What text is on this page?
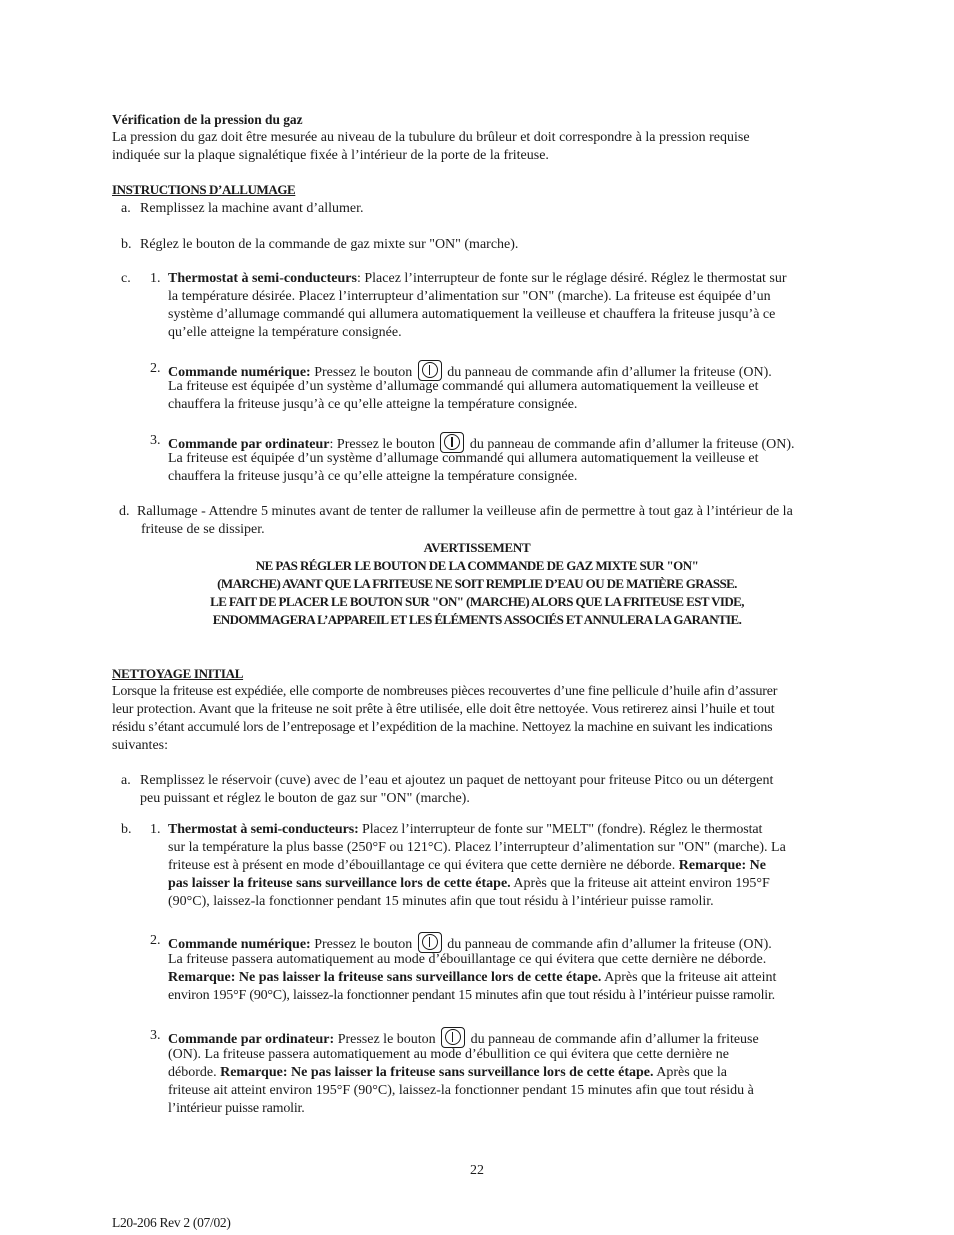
Vérification de la pression du gaz
La pression du gaz doit être mesurée au niveau de la tubulure du brûleur et doit correspondre à la pression requise
indiquée sur la plaque signalétique fixée à l’intérieur de la porte de la friteuse.
INSTRUCTIONS D’ALLUMAGE
a. Remplissez la machine avant d’allumer.
b. Réglez le bouton de la commande de gaz mixte sur "ON" (marche).
c. 1. Thermostat à semi-conducteurs: Placez l’interrupteur de fonte sur le réglage désiré. Réglez le thermostat sur
la température désirée. Placez l’interrupteur d’alimentation sur "ON" (marche). La friteuse est équipée d’un
système d’allumage commandé qui allumera automatiquement la veilleuse et chauffera la friteuse jusqu’à ce
qu’elle atteigne la température consignée.
2. Commande numérique: Pressez le bouton	du panneau de commande afin d’allumer la friteuse (ON).
La friteuse est équipée d’un système d’allumage commandé qui allumera automatiquement la veilleuse et
chauffera la friteuse jusqu’à ce qu’elle atteigne la température consignée.
3. Commande par ordinateur: Pressez le bouton	du panneau de commande afin d’allumer la friteuse (ON).
La friteuse est équipée d’un système d’allumage commandé qui allumera automatiquement la veilleuse et
chauffera la friteuse jusqu’à ce qu’elle atteigne la température consignée.
d. Rallumage - Attendre 5 minutes avant de tenter de rallumer la veilleuse afin de permettre à tout gaz à l’intérieur de la
friteuse de se dissiper.
AVERTISSEMENT
NE PAS RÉGLER LE BOUTON DE LA COMMANDE DE GAZ MIXTE SUR "ON"
(MARCHE) AVANT QUE LA FRITEUSE NE SOIT REMPLIE D’EAU OU DE MATIÈRE GRASSE.
LE FAIT DE PLACER LE BOUTON SUR "ON" (MARCHE) ALORS QUE LA FRITEUSE EST VIDE,
ENDOMMAGERA L’APPAREIL ET LES ÉLÉMENTS ASSOCIÉS ET ANNULERA LA GARANTIE.
NETTOYAGE INITIAL
Lorsque la friteuse est expédiée, elle comporte de nombreuses pièces recouvertes d’une fine pellicule d’huile afin d’assurer
leur protection. Avant que la friteuse ne soit prête à être utilisée, elle doit être nettoyée. Vous retirerez ainsi l’huile et tout
résidu s’étant accumulé lors de l’entreposage et l’expédition de la machine. Nettoyez la machine en suivant les indications
suivantes:
a. Remplissez le réservoir (cuve) avec de l’eau et ajoutez un paquet de nettoyant pour friteuse Pitco ou un détergent
peu puissant et réglez le bouton de gaz sur "ON" (marche).
b. 1. Thermostat à semi-conducteurs: Placez l’interrupteur de fonte sur "MELT" (fondre). Réglez le thermostat
sur la température la plus basse (250°F ou 121°C). Placez l’interrupteur d’alimentation sur "ON" (marche). La
friteuse est à présent en mode d’ébouillantage ce qui évitera que cette dernière ne déborde. Remarque: Ne
pas laisser la friteuse sans surveillance lors de cette étape. Après que la friteuse ait atteint environ 195°F
(90°C), laissez-la fonctionner pendant 15 minutes afin que tout résidu à l’intérieur puisse ramolir.
2. Commande numérique: Pressez le bouton	du panneau de commande afin d’allumer la friteuse (ON).
La friteuse passera automatiquement au mode d’ébouillantage ce qui évitera que cette dernière ne déborde.
Remarque: Ne pas laisser la friteuse sans surveillance lors de cette étape. Après que la friteuse ait atteint
environ 195°F (90°C), laissez-la fonctionner pendant 15 minutes afin que tout résidu à l’intérieur puisse ramolir.
3. Commande par ordinateur: Pressez le bouton	du panneau de commande afin d’allumer la friteuse
(ON). La friteuse passera automatiquement au mode d’ébullition ce qui évitera que cette dernière ne
déborde. Remarque: Ne pas laisser la friteuse sans surveillance lors de cette étape. Après que la
friteuse ait atteint environ 195°F (90°C), laissez-la fonctionner pendant 15 minutes afin que tout résidu à
l’intérieur puisse ramolir.
22
L20-206 Rev 2 (07/02)
